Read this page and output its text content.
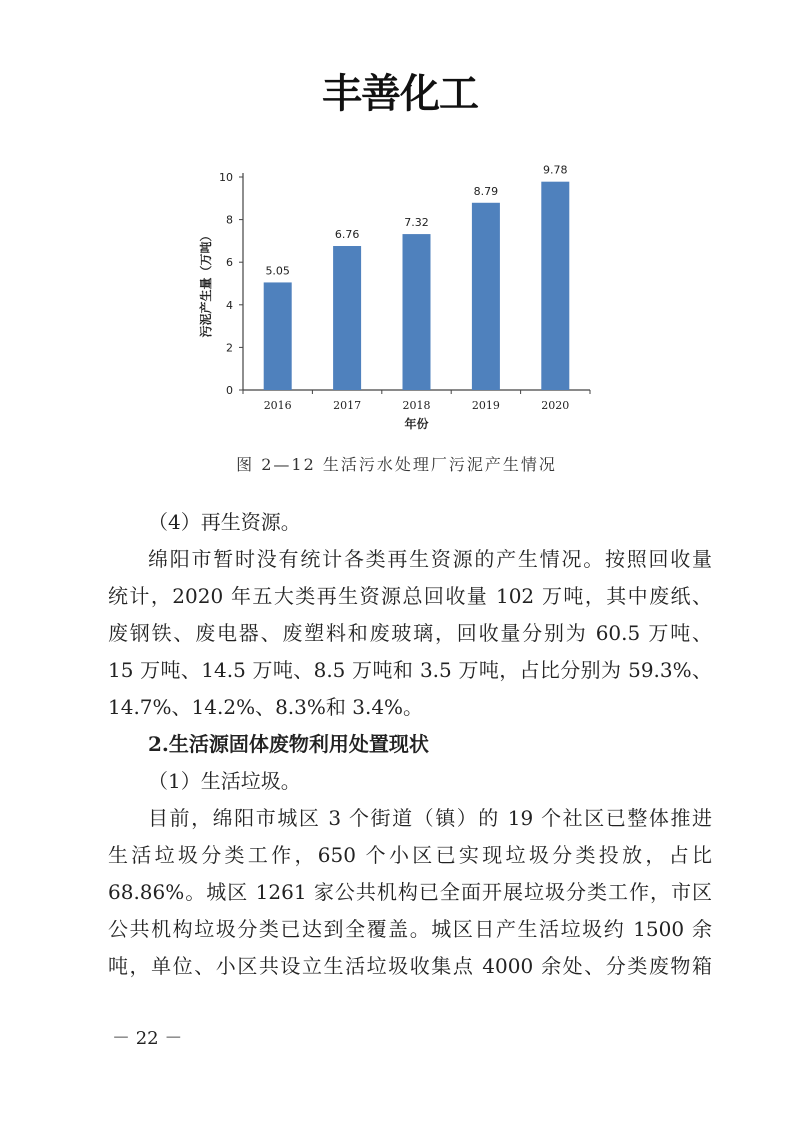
丰善化工
0
2
4
6
8
10
5.05
2016
6.76
2017
7.32
2018
8.79
2019
9.78
2020
年份
污泥产生量（万吨）
图 2—12 生活污水处理厂污泥产生情况
（4）再生资源。
绵阳市暂时没有统计各类再生资源的产生情况。按照回收量
统计，2020 年五大类再生资源总回收量 102 万吨，其中废纸、
废钢铁、废电器、废塑料和废玻璃，回收量分别为 60.5 万吨、
15 万吨、14.5 万吨、8.5 万吨和 3.5 万吨，占比分别为 59.3%、
14.7%、14.2%、8.3%和 3.4%。
2.生活源固体废物利用处置现状
（1）生活垃圾。
目前，绵阳市城区 3 个街道（镇）的 19 个社区已整体推进
生活垃圾分类工作，650 个小区已实现垃圾分类投放，占比
68.86%。城区 1261 家公共机构已全面开展垃圾分类工作，市区
公共机构垃圾分类已达到全覆盖。城区日产生活垃圾约 1500 余
吨，单位、小区共设立生活垃圾收集点 4000 余处、分类废物箱
－ 22 －
